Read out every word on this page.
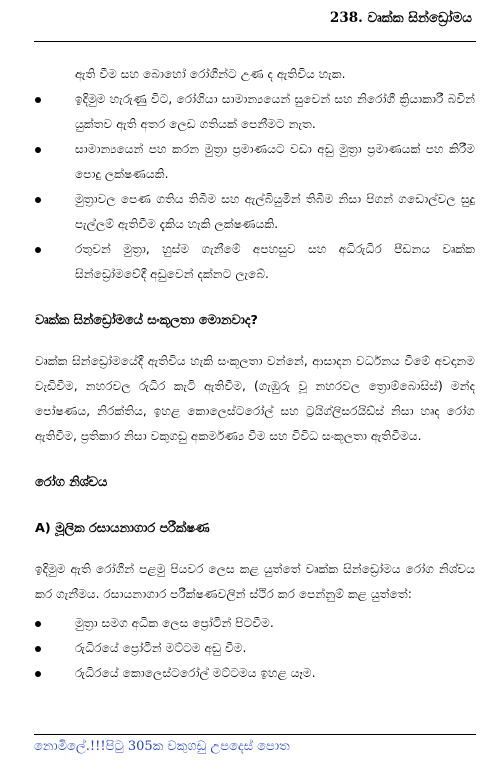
238. වෘක්ක සින්ඩ්‍රෝමය

ඇති වීම සහ බොහෝ රෝගීන්ට උණ ද ඇතිවිය හැක.

ඉදිමුම හැරුණු විට, රෝගියා සාමාන්‍යයෙන් සුවෙන් සහ නිරෝගී ක්‍රියාකාරී බවින් යුක්තව ඇති අතර ලෙඩ ගතියක් පෙනීමට නැත.
සාමාන්‍යයෙන් පහ කරන මුත්‍රා ප්‍රමාණයට වඩා අඩු මුත්‍රා ප්‍රමාණයක් පහ කිරීම පොදු ලක්ෂණයකි.
මුත්‍රාවල පෙණ ගතිය තිබීම සහ ඇල්බියුමින් තිබීම නිසා පිගන් ගඩොල්වල සුදු පැල්ලම් ඇතිවීම දැකිය හැකි ලක්ෂණයකි.
රතුවන් මුත්‍රා, හුස්ම ගැනීමේ අපහසුව සහ අධිරුධිර පීඩනය වෘක්ක සින්ඩ්‍රෝමවේදී අඩුවෙන් දක්නට ලැබේ.
වෘක්ක සින්ඩ්‍රෝමයේ සංකූලතා මොනවාද?

වෘක්ක සින්ඩ්‍රෝමයේදී ඇතිවිය හැකි සංකූලතා වන්නේ, ආසාදන වර්ධනය වීමේ අවදානම වැඩිවීම, නහරවල රුධිර කැටි ඇතිවීම, (ගැඹුරු වූ නහරවල ත්‍රොම්බොසිස්) මන්ද පෝෂණය, නිරක්තිය, ඉහළ කොලෙස්ටරෝල් සහ ට්‍රයිග්ලිසරයිඩ්ස් නිසා හෘද රෝග ඇතිවීම, ප්‍රතිකාර නිසා වකුගඩු අකර්මණ්‍ය වීම සහ විවිධ සංකූලතා ඇතිවීමය.

රෝග නිශ්චය
A) මූලික රසායනාගාර පරීක්ෂණ

ඉදිමුම ඇති රෝගීන් පළමු පියවර ලෙස කළ යුත්තේ වෘක්ක සින්ඩ්‍රෝමය රෝග නිශ්චය කර ගැනීමය. රසායනාගාර පරීක්ෂණවලින් ස්ථිර කර පෙන්නුම් කළ යුත්තේ:

මුත්‍රා සමග අධික ලෙස ප්‍රෝටීන් පිටවීම.
රුධිරයේ ප්‍රෝටීන් මට්ටම අඩු වීම.
රුධිරයේ කොලෙස්ටරෝල් මට්ටමය ඉහළ යෑම.
නොමිලේ.!!!පිටු 305ක වකුගඩු උපදෙස් පොත
